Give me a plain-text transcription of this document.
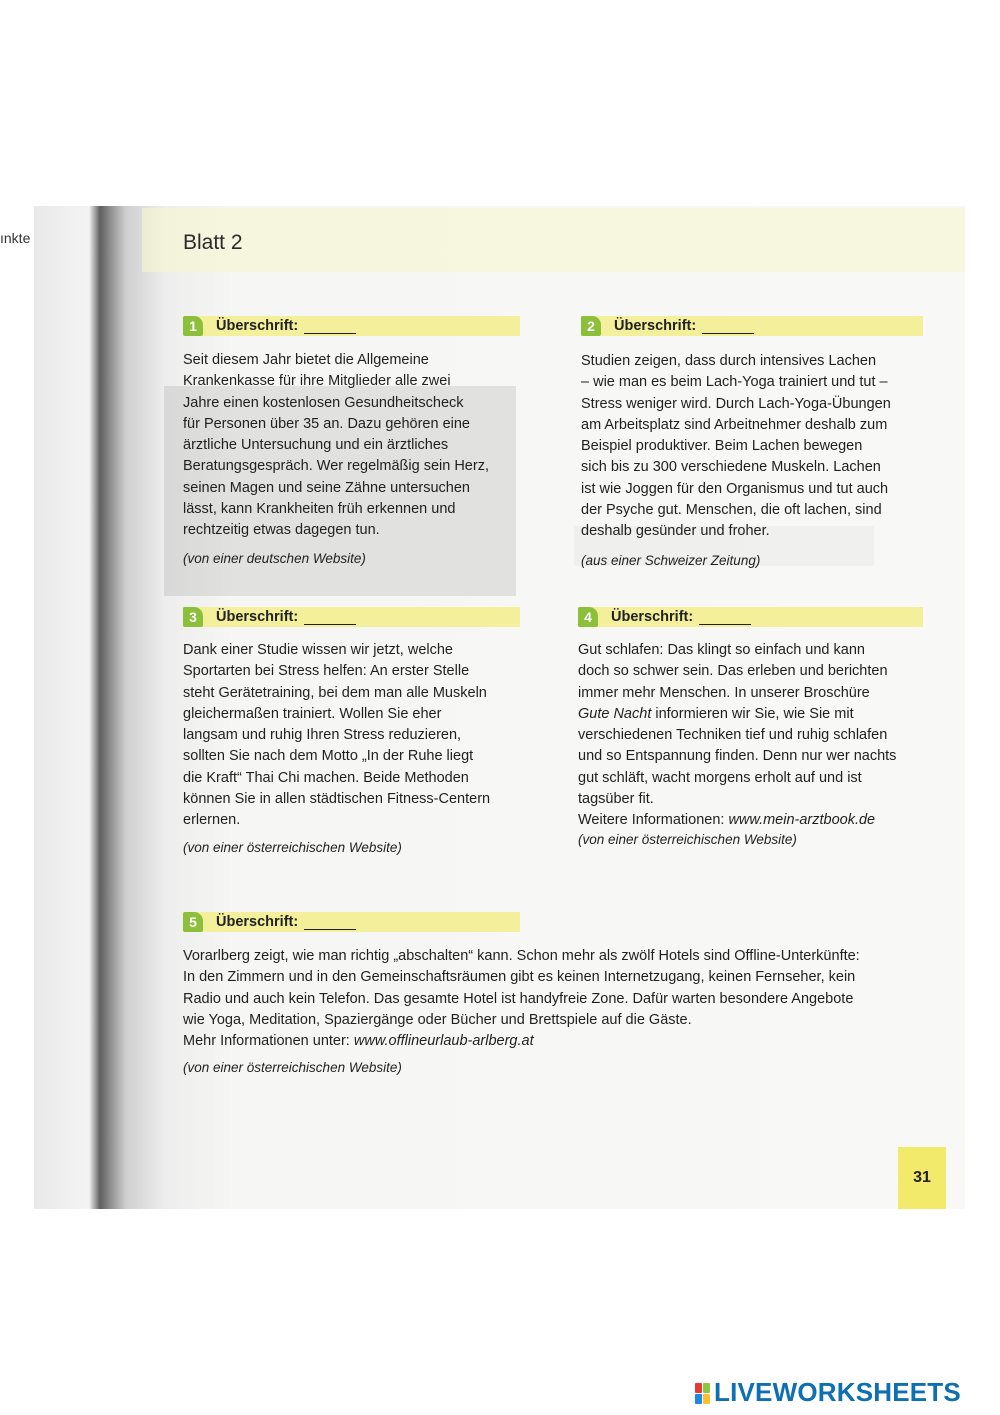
ınkte	Blatt 2
1	Überschrift:

Seit diesem Jahr bietet die Allgemeine
Krankenkasse für ihre Mitglieder alle zwei
Jahre einen kostenlosen Gesundheitscheck
für Personen über 35 an. Dazu gehören eine
ärztliche Untersuchung und ein ärztliches
Beratungsgespräch. Wer regelmäßig sein Herz,
seinen Magen und seine Zähne untersuchen
lässt, kann Krankheiten früh erkennen und
rechtzeitig etwas dagegen tun.

(von einer deutschen Website)
2	Überschrift:

Studien zeigen, dass durch intensives Lachen
– wie man es beim Lach-Yoga trainiert und tut –
Stress weniger wird. Durch Lach-Yoga-Übungen
am Arbeitsplatz sind Arbeitnehmer deshalb zum
Beispiel produktiver. Beim Lachen bewegen
sich bis zu 300 verschiedene Muskeln. Lachen
ist wie Joggen für den Organismus und tut auch
der Psyche gut. Menschen, die oft lachen, sind
deshalb gesünder und froher.

(aus einer Schweizer Zeitung)
3	Überschrift:

Dank einer Studie wissen wir jetzt, welche
Sportarten bei Stress helfen: An erster Stelle
steht Gerätetraining, bei dem man alle Muskeln
gleichermaßen trainiert. Wollen Sie eher
langsam und ruhig Ihren Stress reduzieren,
sollten Sie nach dem Motto „In der Ruhe liegt
die Kraft“ Thai Chi machen. Beide Methoden
können Sie in allen städtischen Fitness-Centern
erlernen.

(von einer österreichischen Website)
4	Überschrift:

Gut schlafen: Das klingt so einfach und kann
doch so schwer sein. Das erleben und berichten
immer mehr Menschen. In unserer Broschüre
Gute Nacht informieren wir Sie, wie Sie mit
verschiedenen Techniken tief und ruhig schlafen
und so Entspannung finden. Denn nur wer nachts
gut schläft, wacht morgens erholt auf und ist
tagsüber fit.
Weitere Informationen: www.mein-arztbook.de

(von einer österreichischen Website)
5	Überschrift:

Vorarlberg zeigt, wie man richtig „abschalten“ kann. Schon mehr als zwölf Hotels sind Offline-Unterkünfte:
In den Zimmern und in den Gemeinschaftsräumen gibt es keinen Internetzugang, keinen Fernseher, kein
Radio und auch kein Telefon. Das gesamte Hotel ist handyfreie Zone. Dafür warten besondere Angebote
wie Yoga, Meditation, Spaziergänge oder Bücher und Brettspiele auf die Gäste.
Mehr Informationen unter: www.offlineurlaub-arlberg.at

(von einer österreichischen Website)
31
LIVEWORKSHEETS
